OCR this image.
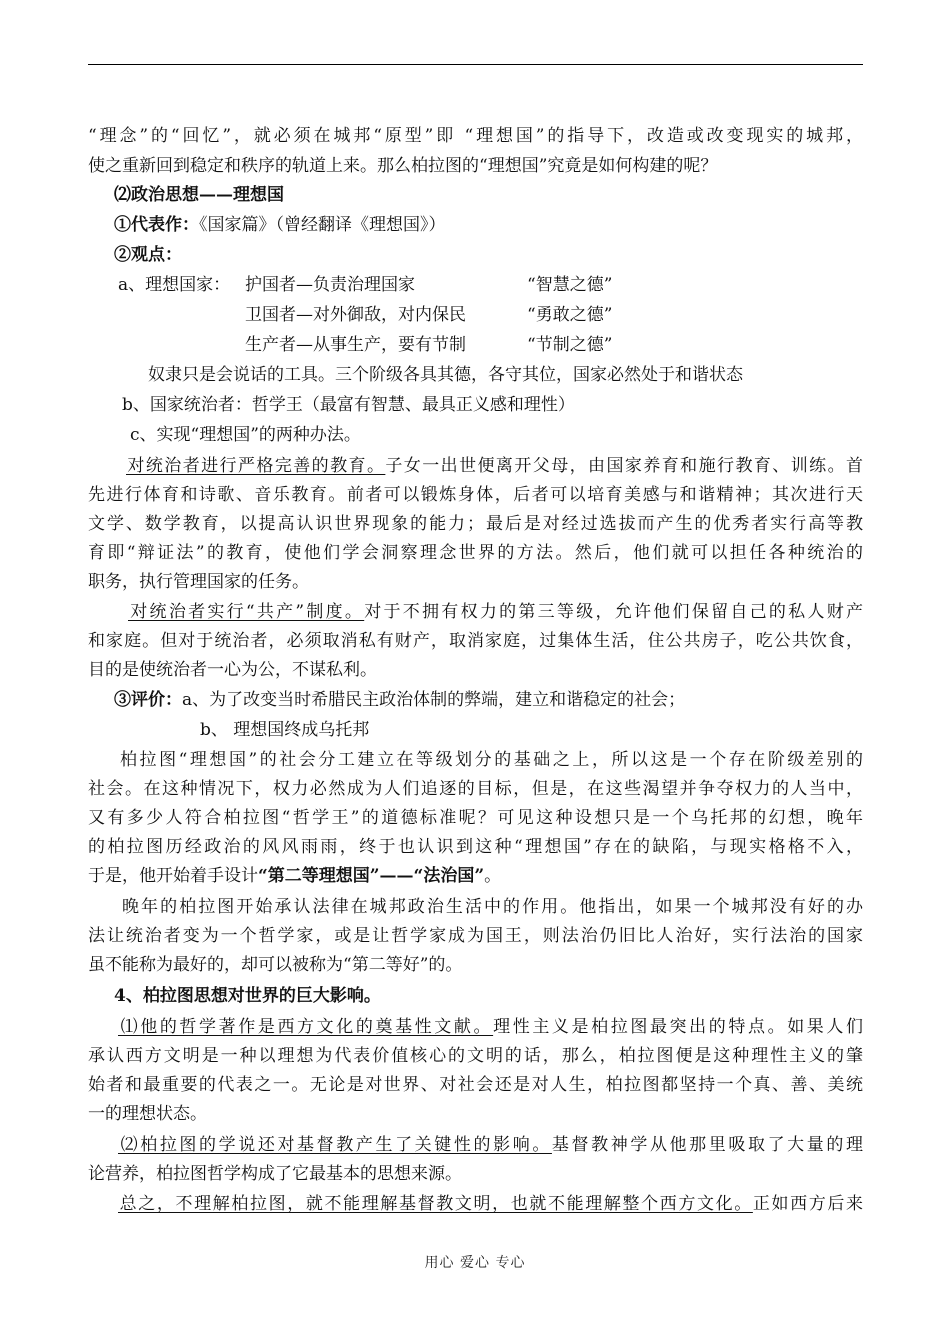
“理念”的“回忆”，就必须在城邦“原型”即 “理想国”的指导下，改造或改变现实的城邦，
使之重新回到稳定和秩序的轨道上来。那么柏拉图的“理想国”究竟是如何构建的呢？
⑵政治思想——理想国
①代表作：《国家篇》（曾经翻译《理想国》）
②观点：
a、理想国家： 护国者—负责治理国家	“智慧之德”
卫国者—对外御敌，对内保民	“勇敢之德”
生产者—从事生产，要有节制	“节制之德”
奴隶只是会说话的工具。三个阶级各具其德，各守其位，国家必然处于和谐状态
b、国家统治者：哲学王（最富有智慧、最具正义感和理性）
c、实现“理想国”的两种办法。
对统治者进行严格完善的教育。子女一出世便离开父母，由国家养育和施行教育、训练。首
先进行体育和诗歌、音乐教育。前者可以锻炼身体，后者可以培育美感与和谐精神；其次进行天
文学、数学教育，以提高认识世界现象的能力；最后是对经过选拔而产生的优秀者实行高等教
育即“辩证法”的教育，使他们学会洞察理念世界的方法。然后，他们就可以担任各种统治的
职务，执行管理国家的任务。
对统治者实行“共产”制度。对于不拥有权力的第三等级，允许他们保留自己的私人财产
和家庭。但对于统治者，必须取消私有财产，取消家庭，过集体生活，住公共房子，吃公共饮食，
目的是使统治者一心为公，不谋私利。
③评价：a、为了改变当时希腊民主政治体制的弊端，建立和谐稳定的社会；
b、 理想国终成乌托邦
柏拉图“理想国”的社会分工建立在等级划分的基础之上，所以这是一个存在阶级差别的
社会。在这种情况下，权力必然成为人们追逐的目标，但是，在这些渴望并争夺权力的人当中，
又有多少人符合柏拉图“哲学王”的道德标准呢？可见这种设想只是一个乌托邦的幻想，晚年
的柏拉图历经政治的风风雨雨，终于也认识到这种“理想国”存在的缺陷，与现实格格不入，
于是，他开始着手设计“第二等理想国”——“法治国”。
晚年的柏拉图开始承认法律在城邦政治生活中的作用。他指出，如果一个城邦没有好的办
法让统治者变为一个哲学家，或是让哲学家成为国王，则法治仍旧比人治好，实行法治的国家
虽不能称为最好的，却可以被称为“第二等好”的。
4、柏拉图思想对世界的巨大影响。
⑴他的哲学著作是西方文化的奠基性文献。理性主义是柏拉图最突出的特点。如果人们
承认西方文明是一种以理想为代表价值核心的文明的话，那么，柏拉图便是这种理性主义的肇
始者和最重要的代表之一。无论是对世界、对社会还是对人生，柏拉图都坚持一个真、善、美统
一的理想状态。
⑵柏拉图的学说还对基督教产生了关键性的影响。基督教神学从他那里吸取了大量的理
论营养，柏拉图哲学构成了它最基本的思想来源。
总之，不理解柏拉图，就不能理解基督教文明，也就不能理解整个西方文化。正如西方后来
用心 爱心 专心
